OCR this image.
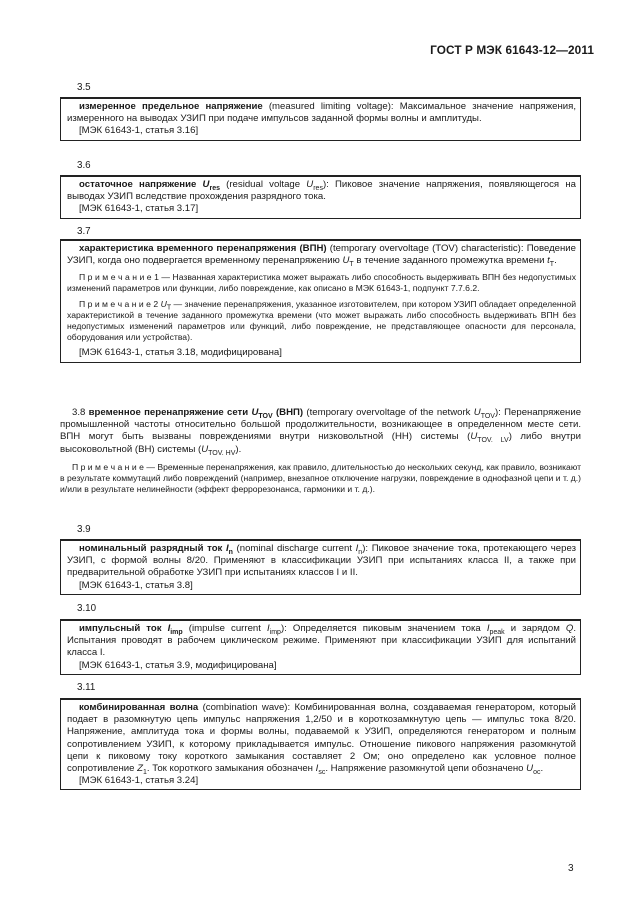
ГОСТ Р МЭК 61643-12—2011
3.5

измеренное предельное напряжение (measured limiting voltage): Максимальное значение напряжения, измеренного на выводах УЗИП при подаче импульсов заданной формы волны и амплитуды.

[МЭК 61643-1, статья 3.16]

3.6

остаточное напряжение $U_{res}$ (residual voltage $U_{res}$): Пиковое значение напряжения, появляющегося на выводах УЗИП вследствие прохождения разрядного тока.

[МЭК 61643-1, статья 3.17]

3.7

характеристика временного перенапряжения (ВПН) (temporary overvoltage (TOV) characteristic): Поведение УЗИП, когда оно подвергается временному перенапряжению $U_T$ в течение заданного промежутка времени $t_T$.

П р и м е ч а н и е 1 — Названная характеристика может выражать либо способность выдерживать ВПН без недопустимых изменений параметров или функции, либо повреждение, как описано в МЭК 61643-1, подпункт 7.7.6.2.

П р и м е ч а н и е 2 $U_T$ — значение перенапряжения, указанное изготовителем, при котором УЗИП обладает определенной характеристикой в течение заданного промежутка времени (что может выражать либо способность выдерживать ВПН без недопустимых изменений параметров или функций, либо повреждение, не представляющее опасности для персонала, оборудования или устройства).

[МЭК 61643-1, статья 3.18, модифицирована]

3.8 временное перенапряжение сети $U_{TOV}$ (ВНП) (temporary overvoltage of the network $U_{TOV}$): Перенапряжение промышленной частоты относительно большой продолжительности, возникающее в определенном месте сети. ВПН могут быть вызваны повреждениями внутри низковольтной (НН) системы $(U_{TOV. LV})$ либо внутри высоковольтной (ВН) системы $(U_{TOV. HV})$.

П р и м е ч а н и е — Временные перенапряжения, как правило, длительностью до нескольких секунд, как правило, возникают в результате коммутаций либо повреждений (например, внезапное отключение нагрузки, повреждение в однофазной цепи и т. д.) и/или в результате нелинейности (эффект феррорезонанса, гармоники и т. д.).

3.9

номинальный разрядный ток $I_n$ (nominal discharge current $I_n$): Пиковое значение тока, протекающего через УЗИП, с формой волны 8/20. Применяют в классификации УЗИП при испытаниях класса II, а также при предварительной обработке УЗИП при испытаниях классов I и II.

[МЭК 61643-1, статья 3.8]

3.10

импульсный ток $I_{imp}$ (impulse current $I_{imp}$): Определяется пиковым значением тока $I_{peak}$ и зарядом Q. Испытания проводят в рабочем циклическом режиме. Применяют при классификации УЗИП для испытаний класса I.

[МЭК 61643-1, статья 3.9, модифицирована]

3.11

комбинированная волна (combination wave): Комбинированная волна, создаваемая генератором, который подает в разомкнутую цепь импульс напряжения 1,2/50 и в короткозамкнутую цепь — импульс тока 8/20. Напряжение, амплитуда тока и формы волны, подаваемой к УЗИП, определяются генератором и полным сопротивлением УЗИП, к которому прикладывается импульс. Отношение пикового напряжения разомкнутой цепи к пиковому току короткого замыкания составляет 2 Ом; оно определено как условное полное сопротивление $Z_1$. Ток короткого замыкания обозначен $I_{sc}$. Напряжение разомкнутой цепи обозначено $U_{oc}$.

[МЭК 61643-1, статья 3.24]

3
